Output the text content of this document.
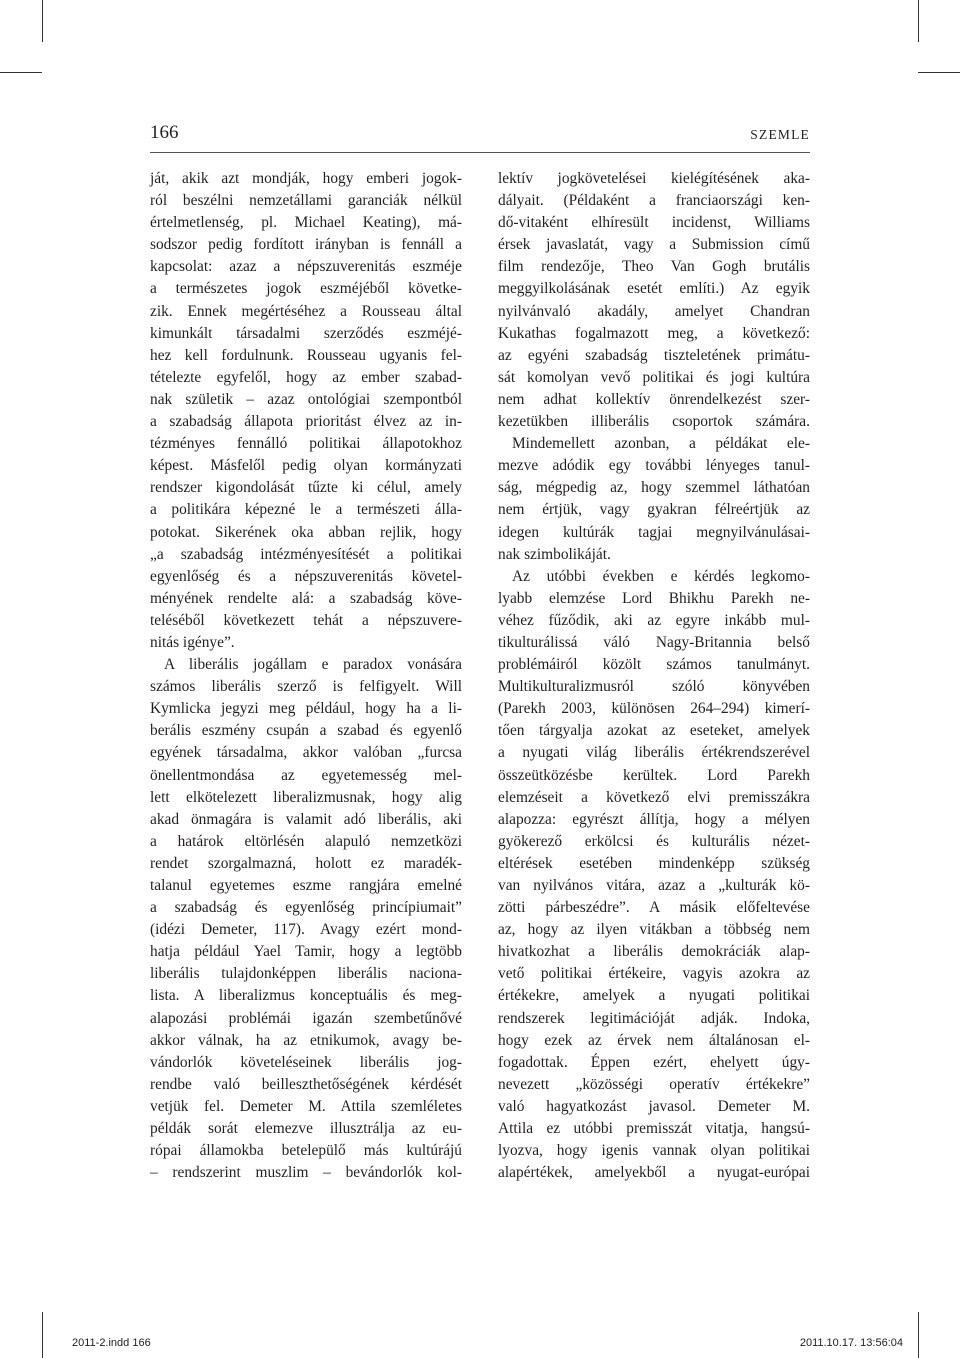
166	SZEMLE
ját, akik azt mondják, hogy emberi jogok-
ról beszélni nemzetállami garanciák nélkül
értelmetlenség, pl. Michael Keating), má-
sodszor pedig fordított irányban is fennáll a
kapcsolat: azaz a népszuverenitás eszméje
a természetes jogok eszméjéből követke-
zik. Ennek megértéséhez a Rousseau által
kimunkált társadalmi szerződés eszméjé-
hez kell fordulnunk. Rousseau ugyanis fel-
tételezte egyfelől, hogy az ember szabad-
nak születik – azaz ontológiai szempontból
a szabadság állapota prioritást élvez az in-
tézményes fennálló politikai állapotokhoz
képest. Másfelől pedig olyan kormányzati
rendszer kigondolását tűzte ki célul, amely
a politikára képezné le a természeti álla-
potokat. Sikerének oka abban rejlik, hogy
„a szabadság intézményesítését a politikai
egyenlőség és a népszuverenitás követel-
ményének rendelte alá: a szabadság köve-
teléséből következett tehát a népszuvere-
nitás igénye”.
A liberális jogállam e paradox vonására
számos liberális szerző is felfigyelt. Will
Kymlicka jegyzi meg például, hogy ha a li-
berális eszmény csupán a szabad és egyenlő
egyének társadalma, akkor valóban „furcsa
önellentmondása az egyetemesség mel-
lett elkötelezett liberalizmusnak, hogy alig
akad önmagára is valamit adó liberális, aki
a határok eltörlésén alapuló nemzetközi
rendet szorgalmazná, holott ez maradék-
talanul egyetemes eszme rangjára emelné
a szabadság és egyenlőség princípiumait”
(idézi Demeter, 117). Avagy ezért mond-
hatja például Yael Tamir, hogy a legtöbb
liberális tulajdonképpen liberális naciona-
lista. A liberalizmus konceptuális és meg-
alapozási problémái igazán szembetűnővé
akkor válnak, ha az etnikumok, avagy be-
vándorlók követeléseinek liberális jog-
rendbe való beilleszthetőségének kérdését
vetjük fel. Demeter M. Attila szemléletes
példák sorát elemezve illusztrálja az eu-
rópai államokba betelepülő más kultúrájú
– rendszerint muszlim – bevándorlók kol-
lektív jogkövetelései kielégítésének aka-
dályait. (Példaként a franciaországi ken-
dő-vitaként elhíresült incidenst, Williams
érsek javaslatát, vagy a Submission című
film rendezője, Theo Van Gogh brutális
meggyilkolásának esetét említi.) Az egyik
nyilvánvaló akadály, amelyet Chandran
Kukathas fogalmazott meg, a következő:
az egyéni szabadság tiszteletének primátu-
sát komolyan vevő politikai és jogi kultúra
nem adhat kollektív önrendelkezést szer-
kezetükben illiberális csoportok számára.
Mindemellett azonban, a példákat ele-
mezve adódik egy további lényeges tanul-
ság, mégpedig az, hogy szemmel láthatóan
nem értjük, vagy gyakran félreértjük az
idegen kultúrák tagjai megnyilvánulásai-
nak szimbolikáját.
Az utóbbi években e kérdés legkomo-
lyabb elemzése Lord Bhikhu Parekh ne-
véhez fűződik, aki az egyre inkább mul-
tikulturálissá váló Nagy-Britannia belső
problémáiról közölt számos tanulmányt.
Multikulturalizmusról szóló könyvében
(Parekh 2003, különösen 264–294) kimerí-
tően tárgyalja azokat az eseteket, amelyek
a nyugati világ liberális értékrendszerével
összeütközésbe kerültek. Lord Parekh
elemzéseit a következő elvi premisszákra
alapozza: egyrészt állítja, hogy a mélyen
gyökerező erkölcsi és kulturális nézet-
eltérések esetében mindenképp szükség
van nyilvános vitára, azaz a „kulturák kö-
zötti párbeszédre”. A másik előfeltevése
az, hogy az ilyen vitákban a többség nem
hivatkozhat a liberális demokráciák alap-
vető politikai értékeire, vagyis azokra az
értékekre, amelyek a nyugati politikai
rendszerek legitimációját adják. Indoka,
hogy ezek az érvek nem általánosan el-
fogadottak. Éppen ezért, ehelyett úgy-
nevezett „közösségi operatív értékekre”
való hagyatkozást javasol. Demeter M.
Attila ez utóbbi premisszát vitatja, hangsú-
lyozva, hogy igenis vannak olyan politikai
alapértékek, amelyekből a nyugat-európai
2011-2.indd 166	2011.10.17. 13:56:04
